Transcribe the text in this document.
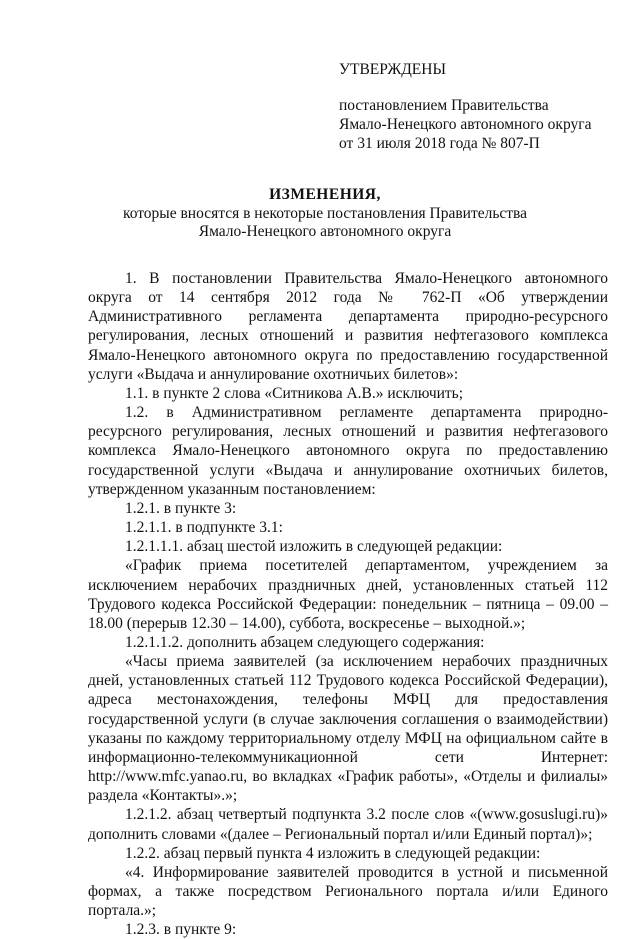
УТВЕРЖДЕНЫ
постановлением Правительства
Ямало-Ненецкого автономного округа
от 31 июля 2018 года № 807-П
ИЗМЕНЕНИЯ,
которые вносятся в некоторые постановления Правительства
Ямало-Ненецкого автономного округа

1. В постановлении Правительства Ямало-Ненецкого автономного округа от 14 сентября 2012 года № 762-П «Об утверждении Административного регламента департамента природно-ресурсного регулирования, лесных отношений и развития нефтегазового комплекса Ямало-Ненецкого автономного округа по предоставлению государственной услуги «Выдача и аннулирование охотничьих билетов»:

1.1. в пункте 2 слова «Ситникова А.В.» исключить;

1.2. в Административном регламенте департамента природно-ресурсного регулирования, лесных отношений и развития нефтегазового комплекса Ямало-Ненецкого автономного округа по предоставлению государственной услуги «Выдача и аннулирование охотничьих билетов, утвержденном указанным постановлением:

1.2.1. в пункте 3:

1.2.1.1. в подпункте 3.1:

1.2.1.1.1. абзац шестой изложить в следующей редакции:

«График приема посетителей департаментом, учреждением за исключением нерабочих праздничных дней, установленных статьей 112 Трудового кодекса Российской Федерации: понедельник – пятница – 09.00 – 18.00 (перерыв 12.30 – 14.00), суббота, воскресенье – выходной.»;

1.2.1.1.2. дополнить абзацем следующего содержания:

«Часы приема заявителей (за исключением нерабочих праздничных дней, установленных статьей 112 Трудового кодекса Российской Федерации), адреса местонахождения, телефоны МФЦ для предоставления государственной услуги (в случае заключения соглашения о взаимодействии) указаны по каждому территориальному отделу МФЦ на официальном сайте в информационно-телекоммуникационной сети Интернет: http://www.mfc.yanao.ru, во вкладках «График работы», «Отделы и филиалы» раздела «Контакты».»;

1.2.1.2. абзац четвертый подпункта 3.2 после слов «(www.gosuslugi.ru)» дополнить словами «(далее – Региональный портал и/или Единый портал)»;

1.2.2. абзац первый пункта 4 изложить в следующей редакции:

«4. Информирование заявителей проводится в устной и письменной формах, а также посредством Регионального портала и/или Единого портала.»;

1.2.3. в пункте 9:
